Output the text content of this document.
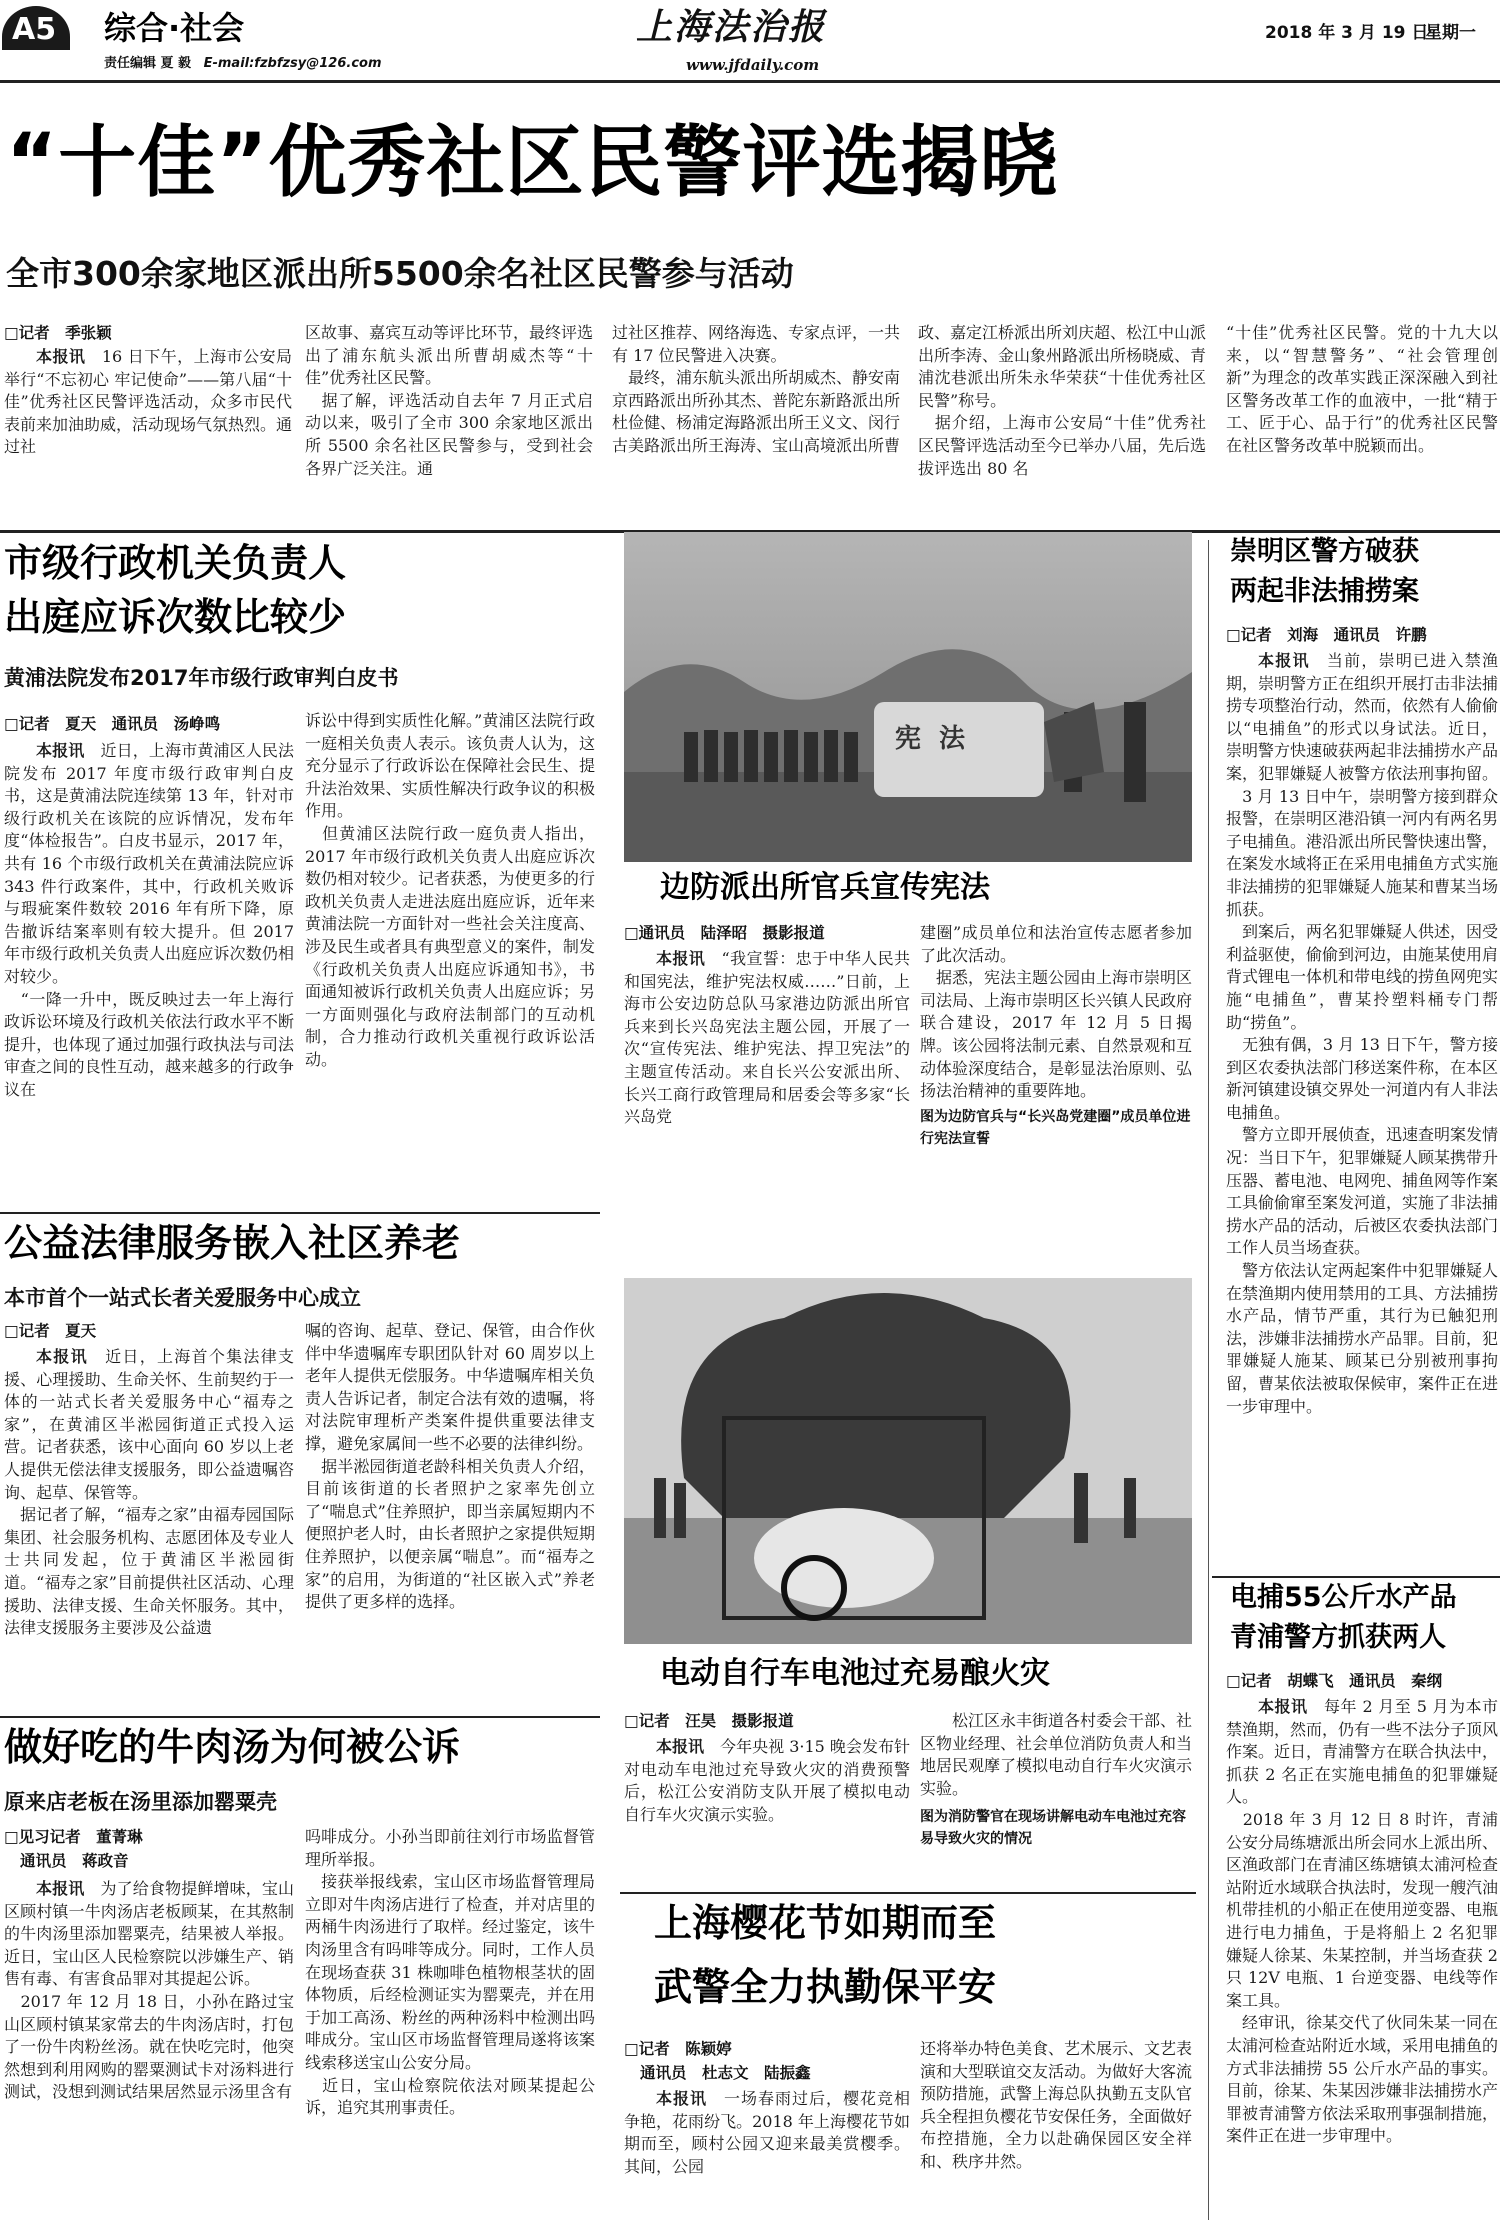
A5 综合·社会
责任编辑 夏 毅 E-mail:fzbfzsy@126.com
上海法治报
www.jfdaily.com
2018 年 3 月 19 日
星期一
“十佳”优秀社区民警评选揭晓
全市300余家地区派出所5500余名社区民警参与活动
□记者　季张颖

本报讯　16 日下午，上海市公安局举行“不忘初心 牢记使命”——第八届“十佳”优秀社区民警评选活动，众多市民代表前来加油助威，活动现场气氛热烈。通过社

区故事、嘉宾互动等评比环节，最终评选出了浦东航头派出所曹胡威杰等“十佳”优秀社区民警。
　据了解，评选活动自去年 7 月正式启动以来，吸引了全市 300 余家地区派出所 5500 余名社区民警参与，受到社会各界广泛关注。通

过社区推荐、网络海选、专家点评，一共有 17 位民警进入决赛。
　最终，浦东航头派出所胡威杰、静安南京西路派出所孙其杰、普陀东新路派出所杜俭健、杨浦定海路派出所王义文、闵行古美路派出所王海涛、宝山高境派出所曹

政、嘉定江桥派出所刘庆超、松江中山派出所李涛、金山象州路派出所杨晓威、青浦沈巷派出所朱永华荣获“十佳优秀社区民警”称号。
　据介绍，上海市公安局“十佳”优秀社区民警评选活动至今已举办八届，先后选拔评选出 80 名

“十佳”优秀社区民警。党的十九大以来，以“智慧警务”、“社会管理创新”为理念的改革实践正深深融入到社区警务改革工作的血液中，一批“精于工、匠于心、品于行”的优秀社区民警在社区警务改革中脱颖而出。

市级行政机关负责人
出庭应诉次数比较少
黄浦法院发布2017年市级行政审判白皮书
□记者　夏天　通讯员　汤峥鸣

本报讯　近日，上海市黄浦区人民法院发布 2017 年度市级行政审判白皮书，这是黄浦法院连续第 13 年，针对市级行政机关在该院的应诉情况，发布年度“体检报告”。白皮书显示，2017 年，共有 16 个市级行政机关在黄浦法院应诉 343 件行政案件，其中，行政机关败诉与瑕疵案件数较 2016 年有所下降，原告撤诉结案率则有较大提升。但 2017 年市级行政机关负责人出庭应诉次数仍相对较少。
　“一降一升中，既反映过去一年上海行政诉讼环境及行政机关依法行政水平不断提升，也体现了通过加强行政执法与司法审查之间的良性互动，越来越多的行政争议在

诉讼中得到实质性化解。”黄浦区法院行政一庭相关负责人表示。该负责人认为，这充分显示了行政诉讼在保障社会民生、提升法治效果、实质性解决行政争议的积极作用。
　但黄浦区法院行政一庭负责人指出，2017 年市级行政机关负责人出庭应诉次数仍相对较少。记者获悉，为使更多的行政机关负责人走进法庭出庭应诉，近年来黄浦法院一方面针对一些社会关注度高、涉及民生或者具有典型意义的案件，制发《行政机关负责人出庭应诉通知书》，书面通知被诉行政机关负责人出庭应诉；另一方面则强化与政府法制部门的互动机制，合力推动行政机关重视行政诉讼活动。

宪法
边防派出所官兵宣传宪法
□通讯员　陆泽昭　摄影报道

本报讯　“我宣誓：忠于中华人民共和国宪法，维护宪法权威……”日前，上海市公安边防总队马家港边防派出所官兵来到长兴岛宪法主题公园，开展了一次“宣传宪法、维护宪法、捍卫宪法”的主题宣传活动。来自长兴公安派出所、长兴工商行政管理局和居委会等多家“长兴岛党

建圈”成员单位和法治宣传志愿者参加了此次活动。
　据悉，宪法主题公园由上海市崇明区司法局、上海市崇明区长兴镇人民政府联合建设，2017 年 12 月 5 日揭牌。该公园将法制元素、自然景观和互动体验深度结合，是彰显法治原则、弘扬法治精神的重要阵地。

图为边防官兵与“长兴岛党建圈”成员单位进行宪法宣誓
电动自行车电池过充易酿火灾
□记者　汪昊　摄影报道

本报讯　今年央视 3·15 晚会发布针对电动车电池过充导致火灾的消费预警后，松江公安消防支队开展了模拟电动自行车火灾演示实验。

松江区永丰街道各村委会干部、社区物业经理、社会单位消防负责人和当地居民观摩了模拟电动自行车火灾演示实验。

图为消防警官在现场讲解电动车电池过充容易导致火灾的情况
公益法律服务嵌入社区养老
本市首个一站式长者关爱服务中心成立
□记者　夏天

本报讯　近日，上海首个集法律支援、心理援助、生命关怀、生前契约于一体的一站式长者关爱服务中心“福寿之家”，在黄浦区半淞园街道正式投入运营。记者获悉，该中心面向 60 岁以上老人提供无偿法律支援服务，即公益遗嘱咨询、起草、保管等。
　据记者了解，“福寿之家”由福寿园国际集团、社会服务机构、志愿团体及专业人士共同发起，位于黄浦区半淞园街道。“福寿之家”目前提供社区活动、心理援助、法律支援、生命关怀服务。其中，法律支援服务主要涉及公益遗

嘱的咨询、起草、登记、保管，由合作伙伴中华遗嘱库专职团队针对 60 周岁以上老年人提供无偿服务。中华遗嘱库相关负责人告诉记者，制定合法有效的遗嘱，将对法院审理析产类案件提供重要法律支撑，避免家属间一些不必要的法律纠纷。
　据半淞园街道老龄科相关负责人介绍，目前该街道的长者照护之家率先创立了“喘息式”住养照护，即当亲属短期内不便照护老人时，由长者照护之家提供短期住养照护，以便亲属“喘息”。而“福寿之家”的启用，为街道的“社区嵌入式”养老提供了更多样的选择。

做好吃的牛肉汤为何被公诉
原来店老板在汤里添加罂粟壳
□见习记者　董菁琳
通讯员　蒋政音

本报讯　为了给食物提鲜增味，宝山区顾村镇一牛肉汤店老板顾某，在其熬制的牛肉汤里添加罂粟壳，结果被人举报。近日，宝山区人民检察院以涉嫌生产、销售有毒、有害食品罪对其提起公诉。
　2017 年 12 月 18 日，小孙在路过宝山区顾村镇某家常去的牛肉汤店时，打包了一份牛肉粉丝汤。就在快吃完时，他突然想到利用网购的罂粟测试卡对汤料进行测试，没想到测试结果居然显示汤里含有

吗啡成分。小孙当即前往刘行市场监督管理所举报。
　接获举报线索，宝山区市场监督管理局立即对牛肉汤店进行了检查，并对店里的两桶牛肉汤进行了取样。经过鉴定，该牛肉汤里含有吗啡等成分。同时，工作人员在现场查获 31 株咖啡色植物根茎状的固体物质，后经检测证实为罂粟壳，并在用于加工高汤、粉丝的两种汤料中检测出吗啡成分。宝山区市场监督管理局遂将该案线索移送宝山公安分局。
　近日，宝山检察院依法对顾某提起公诉，追究其刑事责任。

上海樱花节如期而至
武警全力执勤保平安
□记者　陈颖婷
通讯员　杜志文　陆振鑫

本报讯　一场春雨过后，樱花竞相争艳，花雨纷飞。2018 年上海樱花节如期而至，顾村公园又迎来最美赏樱季。其间，公园

还将举办特色美食、艺术展示、文艺表演和大型联谊交友活动。为做好大客流预防措施，武警上海总队执勤五支队官兵全程担负樱花节安保任务，全面做好布控措施，全力以赴确保园区安全祥和、秩序井然。

崇明区警方破获
两起非法捕捞案
□记者　刘海　通讯员　许鹏

本报讯　当前，崇明已进入禁渔期，崇明警方正在组织开展打击非法捕捞专项整治行动，然而，依然有人偷偷以“电捕鱼”的形式以身试法。近日，崇明警方快速破获两起非法捕捞水产品案，犯罪嫌疑人被警方依法刑事拘留。
　3 月 13 日中午，崇明警方接到群众报警，在崇明区港沿镇一河内有两名男子电捕鱼。港沿派出所民警快速出警，在案发水域将正在采用电捕鱼方式实施非法捕捞的犯罪嫌疑人施某和曹某当场抓获。
　到案后，两名犯罪嫌疑人供述，因受利益驱使，偷偷到河边，由施某使用肩背式锂电一体机和带电线的捞鱼网兜实施“电捕鱼”，曹某拎塑料桶专门帮助“捞鱼”。
　无独有偶，3 月 13 日下午，警方接到区农委执法部门移送案件称，在本区新河镇建设镇交界处一河道内有人非法电捕鱼。
　警方立即开展侦查，迅速查明案发情况：当日下午，犯罪嫌疑人顾某携带升压器、蓄电池、电网兜、捕鱼网等作案工具偷偷窜至案发河道，实施了非法捕捞水产品的活动，后被区农委执法部门工作人员当场查获。
　警方依法认定两起案件中犯罪嫌疑人在禁渔期内使用禁用的工具、方法捕捞水产品，情节严重，其行为已触犯刑法，涉嫌非法捕捞水产品罪。目前，犯罪嫌疑人施某、顾某已分别被刑事拘留，曹某依法被取保候审，案件正在进一步审理中。

电捕55公斤水产品
青浦警方抓获两人
□记者　胡蝶飞　通讯员　秦纲

本报讯　每年 2 月至 5 月为本市禁渔期，然而，仍有一些不法分子顶风作案。近日，青浦警方在联合执法中，抓获 2 名正在实施电捕鱼的犯罪嫌疑人。
　2018 年 3 月 12 日 8 时许，青浦公安分局练塘派出所会同水上派出所、区渔政部门在青浦区练塘镇太浦河检查站附近水域联合执法时，发现一艘汽油机带挂机的小船正在使用逆变器、电瓶进行电力捕鱼，于是将船上 2 名犯罪嫌疑人徐某、朱某控制，并当场查获 2 只 12V 电瓶、1 台逆变器、电线等作案工具。
　经审讯，徐某交代了伙同朱某一同在太浦河检查站附近水域，采用电捕鱼的方式非法捕捞 55 公斤水产品的事实。目前，徐某、朱某因涉嫌非法捕捞水产罪被青浦警方依法采取刑事强制措施，案件正在进一步审理中。
